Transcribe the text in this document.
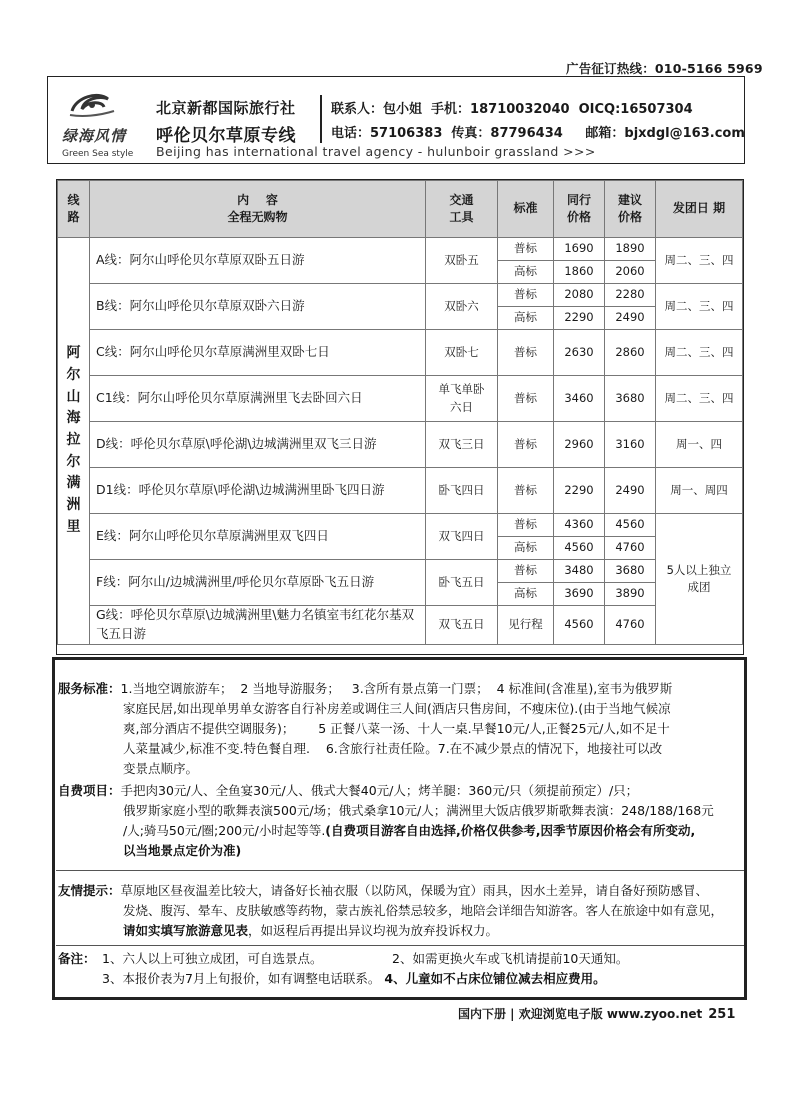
广告征订热线：010-5166 5969
绿海风情
Green Sea style
北京新都国际旅行社
呼伦贝尔草原专线
联系人：包小姐  手机：18710032040  OICQ:16507304
电话：57106383  传真：87796434     邮箱：bjxdgl@163.com
Beijing has international travel agency - hulunboir grassland >>>
线路	内    容
全程无购物	交通工具	标准	同行价格	建议价格	发团日 期
阿尔山海拉尔满洲里	A线：阿尔山呼伦贝尔草原双卧五日游	双卧五	普标	1690	1890	周二、三、四
			高标	1860	2060	
	B线：阿尔山呼伦贝尔草原双卧六日游	双卧六	普标	2080	2280	周二、三、四
			高标	2290	2490	
	C线：阿尔山呼伦贝尔草原满洲里双卧七日	双卧七	普标	2630	2860	周二、三、四
	C1线：阿尔山呼伦贝尔草原满洲里飞去卧回六日	单飞单卧六日	普标	3460	3680	周二、三、四
	D线：呼伦贝尔草原\呼伦湖\边城满洲里双飞三日游	双飞三日	普标	2960	3160	周一、四
	D1线：呼伦贝尔草原\呼伦湖\边城满洲里卧飞四日游	卧飞四日	普标	2290	2490	周一、周四
	E线：阿尔山呼伦贝尔草原满洲里双飞四日	双飞四日	普标	4360	4560	5人以上独立成团
			高标	4560	4760	
	F线：阿尔山/边城满洲里/呼伦贝尔草原卧飞五日游	卧飞五日	普标	3480	3680	
			高标	3690	3890	
	G线：呼伦贝尔草原\边城满洲里\魅力名镇室韦红花尔基双飞五日游	双飞五日	见行程	4560	4760	
服务标准： 1.当地空调旅游车；  2 当地导游服务；   3.含所有景点第一门票；  4 标准间(含准星),室韦为俄罗斯
家庭民居,如出现单男单女游客自行补房差或调住三人间(酒店只售房间，不瘦床位).(由于当地气候凉
爽,部分酒店不提供空调服务)；      5 正餐八菜一汤、十人一桌.早餐10元/人,正餐25元/人,如不足十
人菜量减少,标准不变.特色餐自理.    6.含旅行社责任险。7.在不减少景点的情况下，地接社可以改
变景点顺序。
自费项目： 手把肉30元/人、全鱼宴30元/人、俄式大餐40元/人；烤羊腿：360元/只（须提前预定）/只；
俄罗斯家庭小型的歌舞表演500元/场；俄式桑拿10元/人；满洲里大饭店俄罗斯歌舞表演：248/188/168元
/人;骑马50元/圈;200元/小时起等等.(自费项目游客自由选择,价格仅供参考,因季节原因价格会有所变动,
以当地景点定价为准)
友情提示： 草原地区昼夜温差比较大，请备好长袖衣服（以防风，保暖为宜）雨具，因水土差异，请自备好预防感冒、
发烧、腹泻、晕车、皮肤敏感等药物，蒙古族礼俗禁忌较多，地陪会详细告知游客。客人在旅途中如有意见，
请如实填写旅游意见表，如返程后再提出异议均视为放弃投诉权力。
备注： 1、六人以上可独立成团，可自选景点。	2、如需更换火车或飞机请提前10天通知。
3、本报价表为7月上旬报价，如有调整电话联系。 4、儿童如不占床位铺位减去相应费用。
国内下册 | 欢迎浏览电子版 www.zyoo.net 251
